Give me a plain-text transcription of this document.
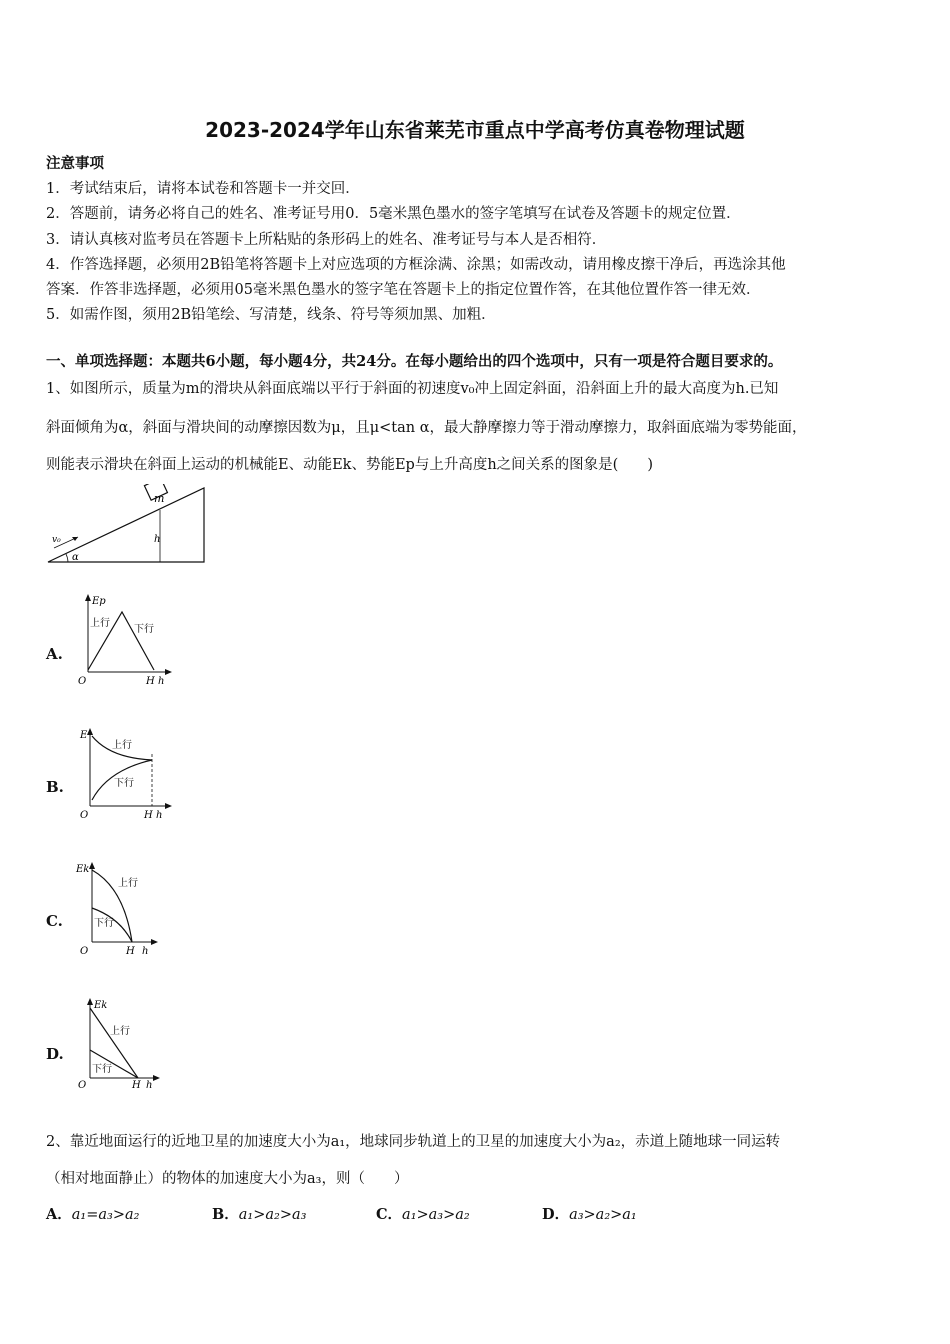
2023-2024学年山东省莱芜市重点中学高考仿真卷物理试题
注意事项
1．考试结束后，请将本试卷和答题卡一并交回．
2．答题前，请务必将自己的姓名、准考证号用0．5毫米黑色墨水的签字笔填写在试卷及答题卡的规定位置．
3．请认真核对监考员在答题卡上所粘贴的条形码上的姓名、准考证号与本人是否相符．
4．作答选择题，必须用2B铅笔将答题卡上对应选项的方框涂满、涂黑；如需改动，请用橡皮擦干净后，再选涂其他
答案．作答非选择题，必须用05毫米黑色墨水的签字笔在答题卡上的指定位置作答，在其他位置作答一律无效．
5．如需作图，须用2B铅笔绘、写清楚，线条、符号等须加黑、加粗．
一、单项选择题：本题共6小题，每小题4分，共24分。在每小题给出的四个选项中，只有一项是符合题目要求的。
1、如图所示，质量为m的滑块从斜面底端以平行于斜面的初速度v₀冲上固定斜面，沿斜面上升的最大高度为h.已知
斜面倾角为α，斜面与滑块间的动摩擦因数为μ，且μ<tan α，最大静摩擦力等于滑动摩擦力，取斜面底端为零势能面，
则能表示滑块在斜面上运动的机械能E、动能Ek、势能Ep与上升高度h之间关系的图象是(　　)
m
h
v₀
α
A.
Ep
上行
下行
O	H h
B.
E
上行
下行
O	H h
C.
Ek
上行
下行
O	H h
D.
Ek
上行
下行
O	H h
2、靠近地面运行的近地卫星的加速度大小为a₁，地球同步轨道上的卫星的加速度大小为a₂，赤道上随地球一同运转
（相对地面静止）的物体的加速度大小为a₃，则（　　）
A．a₁=a₃>a₂	B．a₁>a₂>a₃	C．a₁>a₃>a₂	D．a₃>a₂>a₁
